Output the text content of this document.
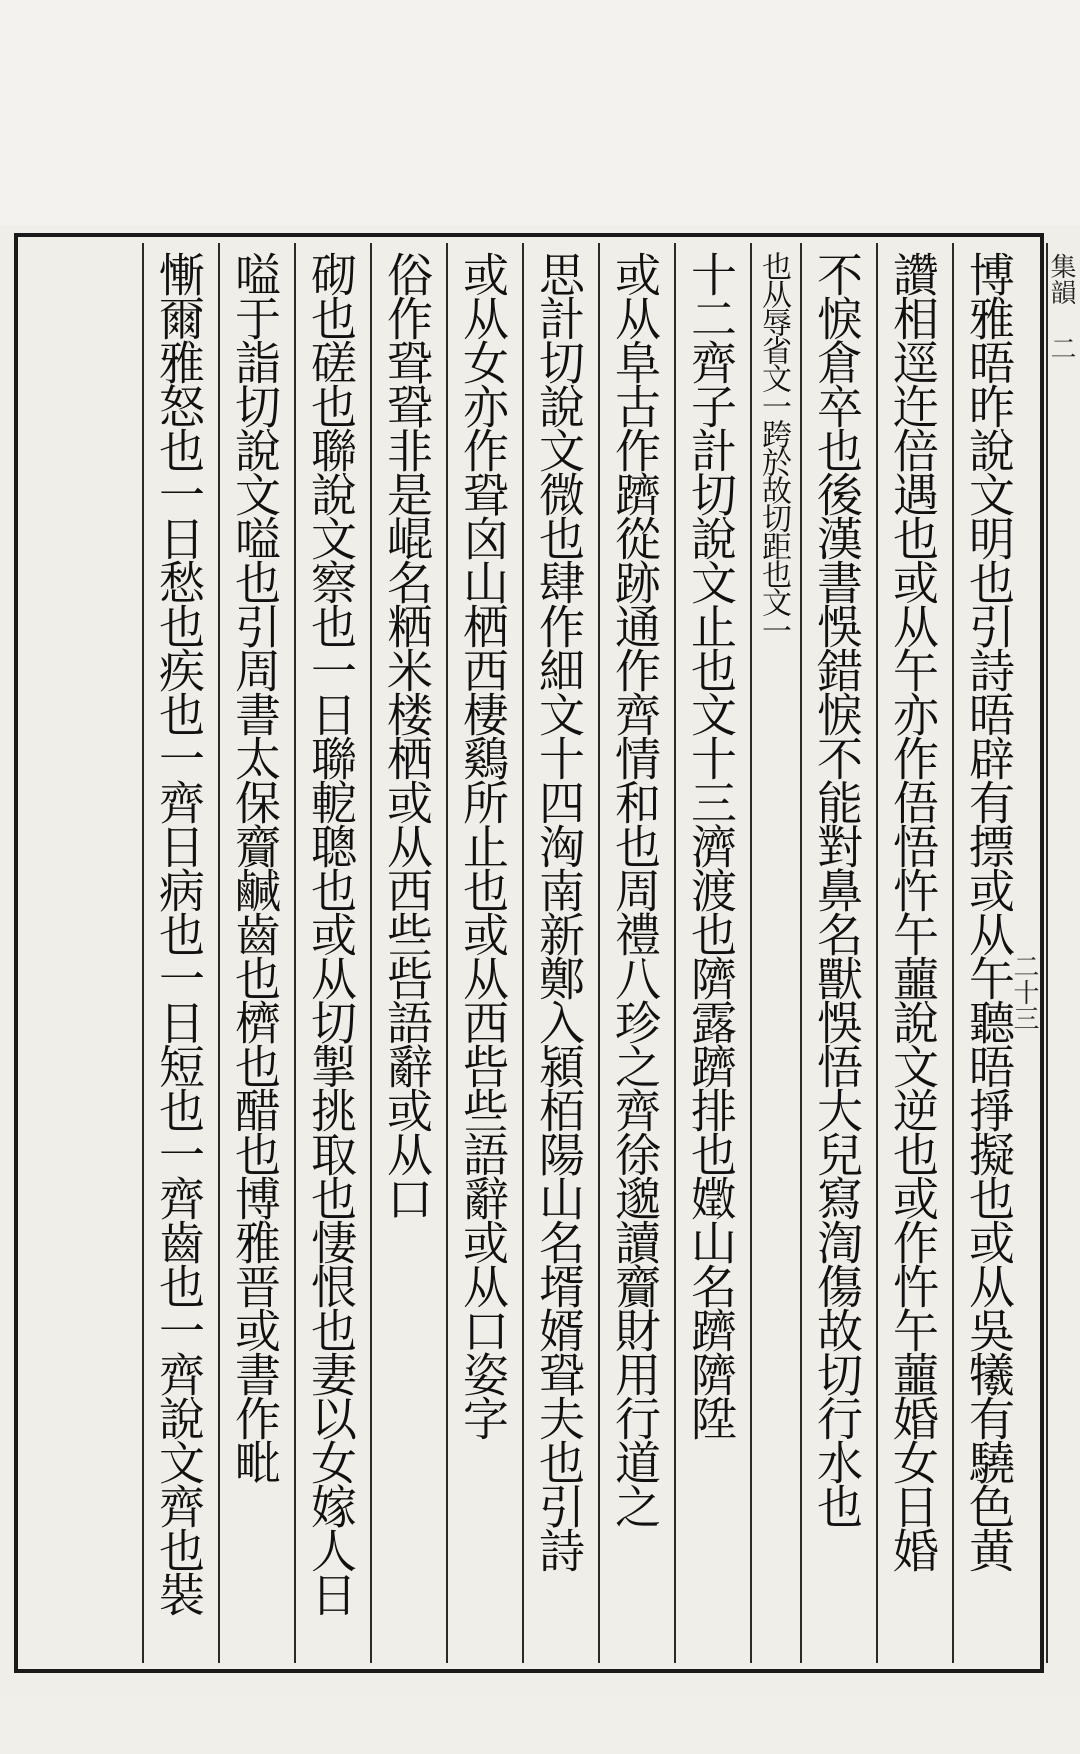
博雅晤昨說文明也引詩晤辟有摽或从午聽晤掙擬也或从吳犧有驍色黄
讚相逕迕倍遇也或从午亦作俉悟忤午蘁說文逆也或作忤午蘁婚女日婚
不悷倉卒也後漢書悞錯悷不能對鼻名獸悞悟大兒寫渹傷故切行水也
也从辱省文一跨於故切距也文一
十二齊子計切說文止也文十三濟渡也隮露躋排也嬍山名躋隮陞
或从阜古作躋從跡通作齊情和也周禮八珍之齊徐邈讀齎財用行道之
思計切說文微也肆作細文十四洶南新鄭入潁栢陽山名壻婿聓夫也引詩
或从女亦作聓囟山栖西棲鷄所止也或从西呰些語辭或从口姿字
俗作聓聓非是崐名粞米楼栖或从西些呰語辭或从口
砌也磋也聯說文察也一日聯軶聰也或从切掣挑取也悽恨也妻以女嫁人日
嗌于詣切說文嗌也引周書太保齎鹹齒也櫅也醋也博雅晋或書作毗
慚爾雅怒也一日愁也疾也一齊日病也一日短也一齊齒也一齊說文齊也裝
集韻 二
二十三
